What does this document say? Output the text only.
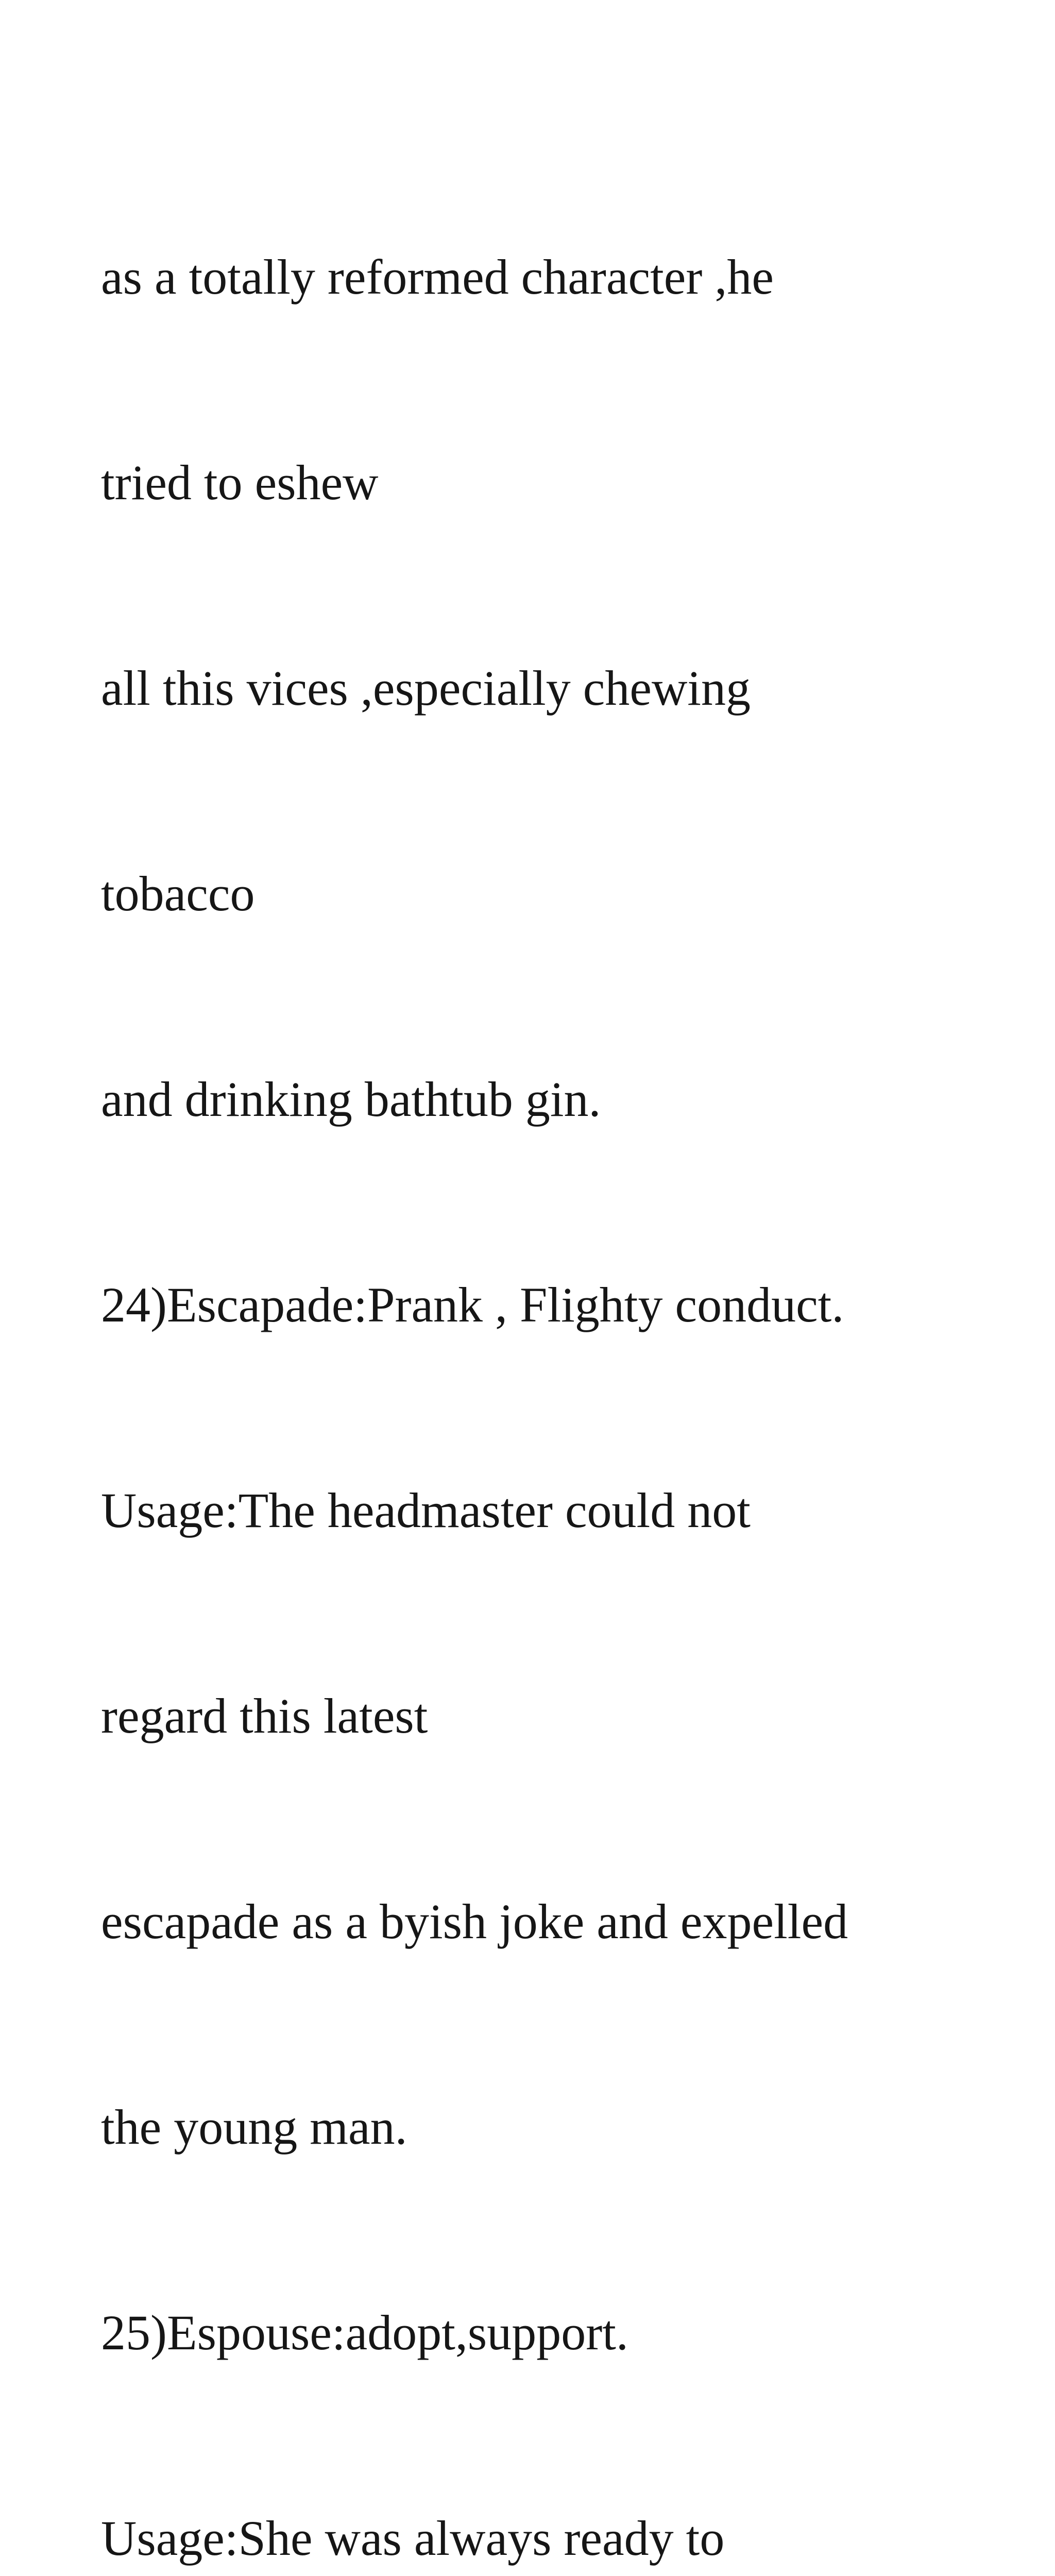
as a totally reformed character ,he

tried to eshew

all this vices ,especially chewing

tobacco

and drinking bathtub gin.

24)Escapade:Prank , Flighty conduct.

Usage:The headmaster could not

regard this latest

escapade as a byish joke and expelled

the young man.

25)Espouse:adopt,support.

Usage:She was always ready to
